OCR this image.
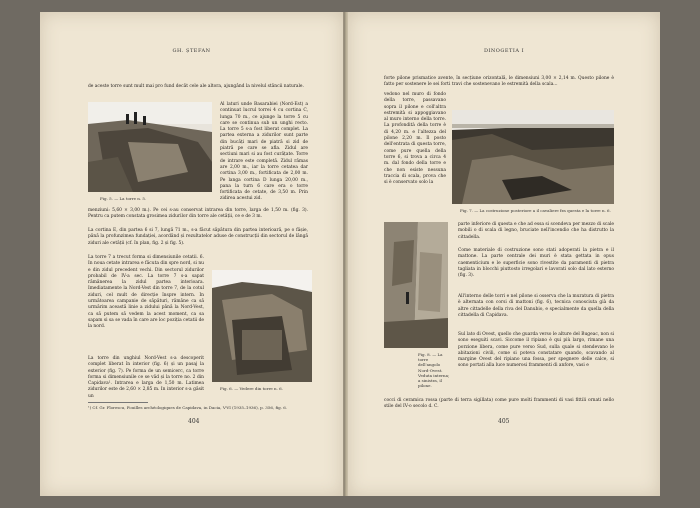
GH. ȘTEFAN
de aceste torre sunt mult mai pro fund decât cele ale altora, ajungând la nivelul stâncii naturale.
Fig. 5. — La torre n. 5.
Al laturi unde Basarabiei (Nord-Est) a continuat lucrul torrei 4 cu cortina C, lunga 70 m., ce ajunge la torre 5 cu care se continua sub un unghi recto. La torre 5 s-a fost liberat complet. La partea externa a zidurilor sunt parte din bucăți mari de piatră si zid de piatră pe care se afla. Zidul are sectiuni mari si au fost curățate. Torre de intrare este completă. Zidul rămas are 2,00 m., iar la torre cetatea dar cortina 3,00 m., fortificata de 2,00 m. Pe langa cortina D lunga 20,00 m., pana la turn 6 care era o torre fortificata de cetate, de 3,50 m. Prin zidirea acestui zid.
menziuni: 5,60 × 3,00 m.). Pe cei s-au conservat intrarea din torre, larga de 1,50 m. (fig. 3). Pentru ca putem constata grosimea zidurilor din torre ale cetății, ce e de 3 m.
La cortina E, din partea 6 si 7, lungă 71 m., s-a făcut săpătura din partea interioară, pe o fâșie, până la profunzimea fundației, acordând și rezultatelor aduse de construcții din sectorul de lângă ziduri ale cetății (cf. în plan, fig. 2 și fig. 5).
La torre 7 a trecut forma si dimensiunile cetatii. 6. In noua cetate intrarea e făcuta din spre nord, si nu e din zidul precedent vechi. Din sectorul zidurilor probabil de IV-a sec. La torre 7 s-a sapat rămânerea la zidul partea interioara. Imediatamente la Nord-Vest din torre 7, de la cotul ziduri, cel mult de direcție înspre intern. In următoarea campanie de săpături, rămâne ca să urmărim această linie a zidului până la Nord-Vest, ca să putem să vedem la acest moment, ca sa sapam si sa se vada în care are loc poziția cetatii de la nord.
Fig. 6. — Vedere din torre n. 6.
La torre din unghiul Nord-Vest s-a descoperit complet liberat în interior (fig. 6) și un pasaj la exterior (fig. 7). Pe forma de un semicerc, ca torre forma si dimensiunile ce se văd și la torre no. 2 din Capidava¹. Intrarea e larga de 1,50 m. Latimea zidurilor este de 2,60 × 2,85 m. In interior s-a găsit un
¹) Cf. Gr. Florescu, Fouilles archéologiques de Capidava, in Dacia, V-VI (1935–1936), p. 356, fig. 6.
404
DINOGETIA I
forte pilone prismatice avente, în secțiune orizontală, le dimensiuni 3,00 × 2,14 m. Questo pilone è fatto per sostenere le sei forti travi che sostenevano le estremità della scala...
vedono nel muro di fondo della torre, passavano sopra il pilone e coll'altra estremità si appoggiavano al muro interno della torre. La profondità della torre è di 4,20 m. e l'altezza del pilone 2,20 m. Il posto dell'entrata di questa torre, come pure quella della torre 6, si trova a circa 4 m. dal fondo della torre e che non esiste nessuna traccia di scala, prova che si è conservato solo la
Fig. 7. — La costruzione posteriore a il cavaliere fra questa e la torre n. 6.
Fig. 8. — La torre dell'angolo Nord-Ovest. Veduta interna; a sinistra, il pilone.
parte inferiore di questa e che ad essa si scendeva per mezzo di scale mobili o di scala di legno, bruciate nell'incendio che ha distrutto la cittadella.
Come materiale di costruzione sono stati adoperati la pietra e il mattone. La parte centrale dei muri è stata gettata in opus caementicium e le superficie sono rivestite da paramenti di pietra tagliata in blocchi piuttosto irregolari e lavorati solo dal lato esterno (fig. 3).
All'interno delle torri e nel pilone si osserva che la muratura di pietra è alternata con corsi di mattoni (fig. 6), tecnica conosciuta già da altre cittadelle della riva del Danubio, e specialmente da quella della cittadella di Capidava.
Sul lato di Ovest, quello che guarda verso le alture del Bugeac, non si sono eseguiti scavi. Siccome il ripiano è qui più largo, rimane una porzione libera, come pure verso Sud, sulla quale si stendevano le abitazioni civili, come si poteva constatare quando, scavando al margine Ovest del ripiano una fossa, per spegnere delle calce, si sono portati alla luce numerosi frammenti di anfore, vasi e
cocci di ceramica rossa (parte di terra sigillata) come pure molti frammenti di vasi fittili ornati nello stile del IV-o secolo d. C.
405
